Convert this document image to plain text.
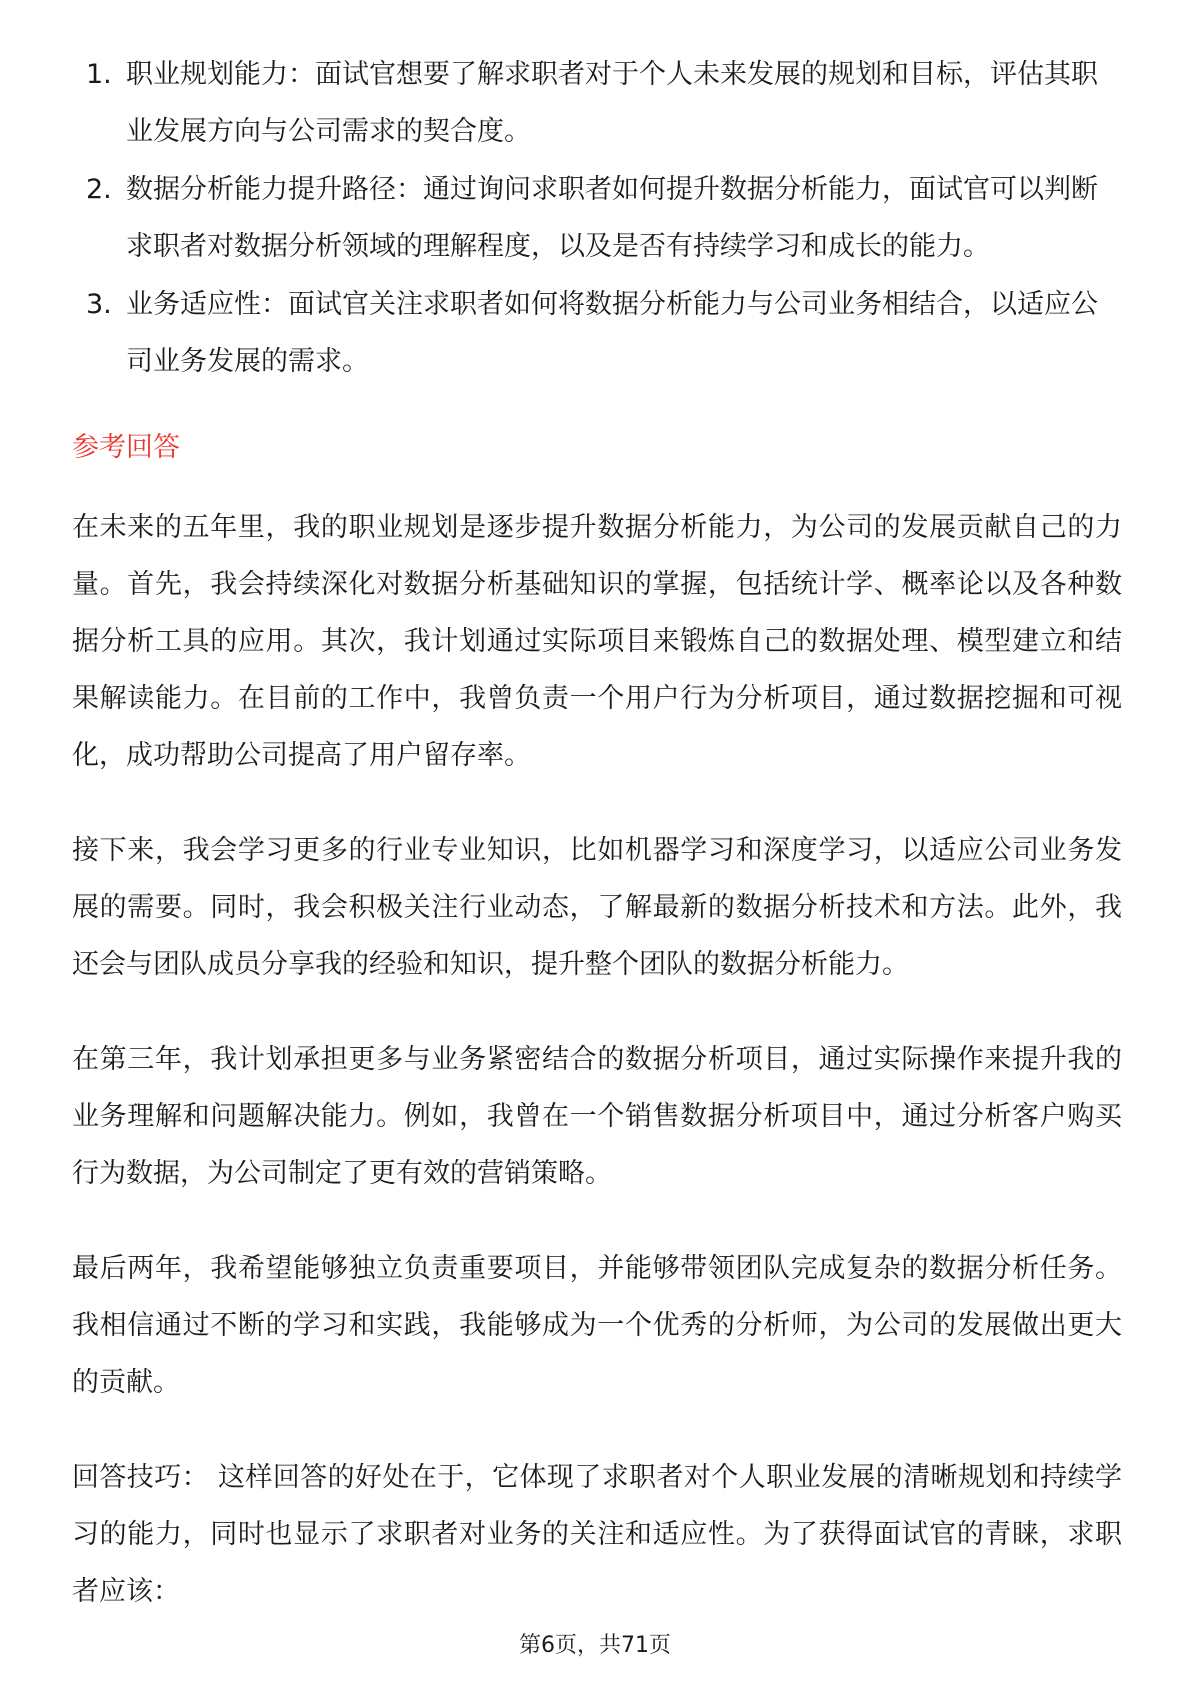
1. 职业规划能力：面试官想要了解求职者对于个人未来发展的规划和目标，评估其职业发展方向与公司需求的契合度。
2. 数据分析能力提升路径：通过询问求职者如何提升数据分析能力，面试官可以判断求职者对数据分析领域的理解程度，以及是否有持续学习和成长的能力。
3. 业务适应性：面试官关注求职者如何将数据分析能力与公司业务相结合，以适应公司业务发展的需求。
参考回答

在未来的五年里，我的职业规划是逐步提升数据分析能力，为公司的发展贡献自己的力量。首先，我会持续深化对数据分析基础知识的掌握，包括统计学、概率论以及各种数据分析工具的应用。其次，我计划通过实际项目来锻炼自己的数据处理、模型建立和结果解读能力。在目前的工作中，我曾负责一个用户行为分析项目，通过数据挖掘和可视化，成功帮助公司提高了用户留存率。

接下来，我会学习更多的行业专业知识，比如机器学习和深度学习，以适应公司业务发展的需要。同时，我会积极关注行业动态，了解最新的数据分析技术和方法。此外，我还会与团队成员分享我的经验和知识，提升整个团队的数据分析能力。

在第三年，我计划承担更多与业务紧密结合的数据分析项目，通过实际操作来提升我的业务理解和问题解决能力。例如，我曾在一个销售数据分析项目中，通过分析客户购买行为数据，为公司制定了更有效的营销策略。

最后两年，我希望能够独立负责重要项目，并能够带领团队完成复杂的数据分析任务。我相信通过不断的学习和实践，我能够成为一个优秀的分析师，为公司的发展做出更大的贡献。

回答技巧： 这样回答的好处在于，它体现了求职者对个人职业发展的清晰规划和持续学习的能力，同时也显示了求职者对业务的关注和适应性。为了获得面试官的青睐，求职者应该：

第6页，共71页
